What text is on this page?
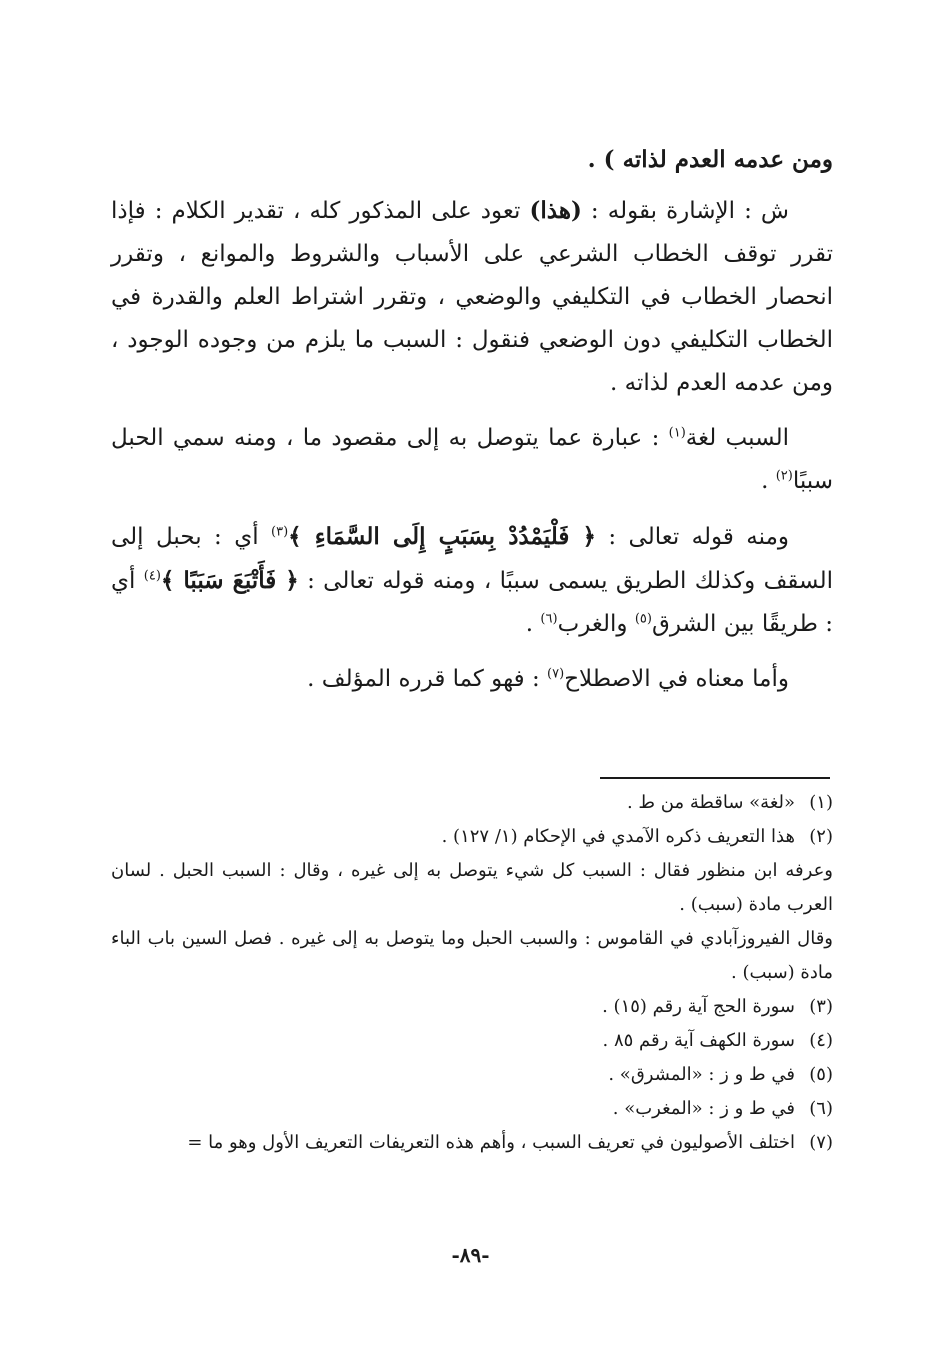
ومن عدمه العدم لذاته ) .

ش : الإشارة بقوله : (هذا) تعود على المذكور كله ، تقدير الكلام : فإذا تقرر توقف الخطاب الشرعي على الأسباب والشروط والموانع ، وتقرر انحصار الخطاب في التكليفي والوضعي ، وتقرر اشتراط العلم والقدرة في الخطاب التكليفي دون الوضعي فنقول : السبب ما يلزم من وجوده الوجود ، ومن عدمه العدم لذاته .

السبب لغة$^{(١)}$ : عبارة عما يتوصل به إلى مقصود ما ، ومنه سمي الحبل سببًا$^{(٢)}$ .

ومنه قوله تعالى : ﴿ فَلْيَمْدُدْ بِسَبَبٍ إِلَى السَّمَاءِ ﴾$^{(٣)}$ أي : بحبل إلى السقف وكذلك الطريق يسمى سببًا ، ومنه قوله تعالى : ﴿ فَأَتْبَعَ سَبَبًا ﴾$^{(٤)}$ أي : طريقًا بين الشرق$^{(٥)}$ والغرب$^{(٦)}$ .

وأما معناه في الاصطلاح$^{(٧)}$ : فهو كما قرره المؤلف .

(١)
«لغة» ساقطة من ط .
(٢)
هذا التعريف ذكره الآمدي في الإحكام (١/ ١٢٧) .
وعرفه ابن منظور فقال : السبب كل شيء يتوصل به إلى غيره ، وقال : السبب الحبل . لسان العرب مادة (سبب) .
وقال الفيروزآبادي في القاموس : والسبب الحبل وما يتوصل به إلى غيره . فصل السين باب الباء مادة (سبب) .
(٣)
سورة الحج آية رقم (١٥) .
(٤)
سورة الكهف آية رقم ٨٥ .
(٥)
في ط و ز : «المشرق» .
(٦)
في ط و ز : «المغرب» .
(٧)
اختلف الأصوليون في تعريف السبب ، وأهم هذه التعريفات التعريف الأول وهو ما =
-٨٩-
